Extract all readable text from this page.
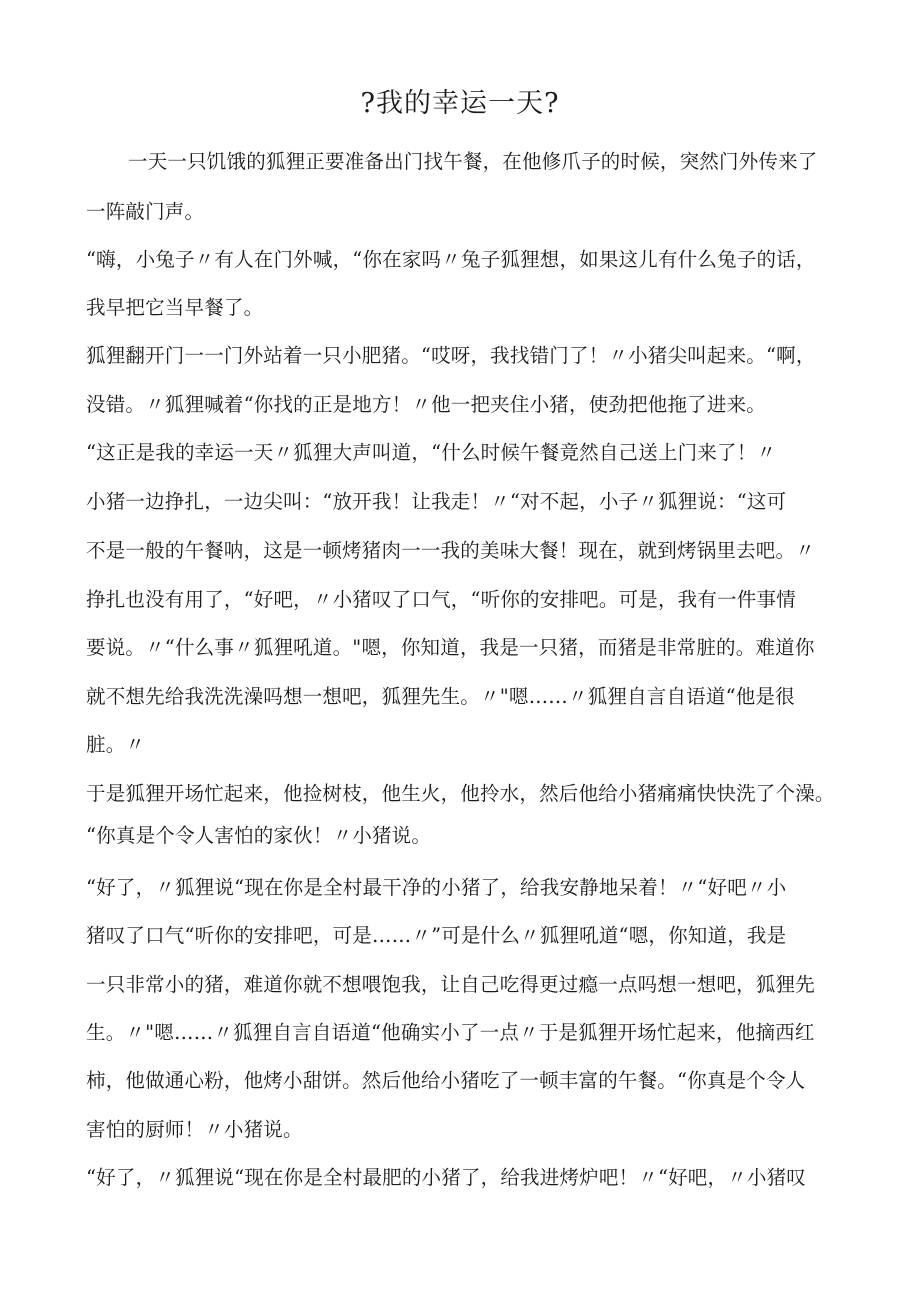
?我的幸运一天?

一天一只饥饿的狐狸正要准备出门找午餐，在他修爪子的时候，突然门外传来了

一阵敲门声。

“嗨，小兔子〃有人在门外喊，“你在家吗〃兔子狐狸想，如果这儿有什么兔子的话，

我早把它当早餐了。

狐狸翻开门一一门外站着一只小肥猪。“哎呀，我找错门了！〃小猪尖叫起来。“啊，

没错。〃狐狸喊着“你找的正是地方！〃他一把夹住小猪，使劲把他拖了进来。

“这正是我的幸运一天〃狐狸大声叫道，“什么时候午餐竟然自己送上门来了！〃

小猪一边挣扎，一边尖叫：“放开我！让我走！〃“对不起，小子〃狐狸说：“这可

不是一般的午餐呐，这是一顿烤猪肉一一我的美味大餐！现在，就到烤锅里去吧。〃

挣扎也没有用了，“好吧，〃小猪叹了口气，“听你的安排吧。可是，我有一件事情

要说。〃“什么事〃狐狸吼道。"嗯，你知道，我是一只猪，而猪是非常脏的。难道你

就不想先给我洗洗澡吗想一想吧，狐狸先生。〃"嗯……〃狐狸自言自语道“他是很

脏。〃

于是狐狸开场忙起来，他捡树枝，他生火，他拎水，然后他给小猪痛痛快快洗了个澡。

“你真是个令人害怕的家伙！〃小猪说。

“好了，〃狐狸说“现在你是全村最干净的小猪了，给我安静地呆着！〃“好吧〃小

猪叹了口气“听你的安排吧，可是……〃”可是什么〃狐狸吼道“嗯，你知道，我是

一只非常小的猪，难道你就不想喂饱我，让自己吃得更过瘾一点吗想一想吧，狐狸先

生。〃"嗯……〃狐狸自言自语道“他确实小了一点〃于是狐狸开场忙起来，他摘西红

柿，他做通心粉，他烤小甜饼。然后他给小猪吃了一顿丰富的午餐。“你真是个令人

害怕的厨师！〃小猪说。

“好了，〃狐狸说“现在你是全村最肥的小猪了，给我进烤炉吧！〃“好吧，〃小猪叹
